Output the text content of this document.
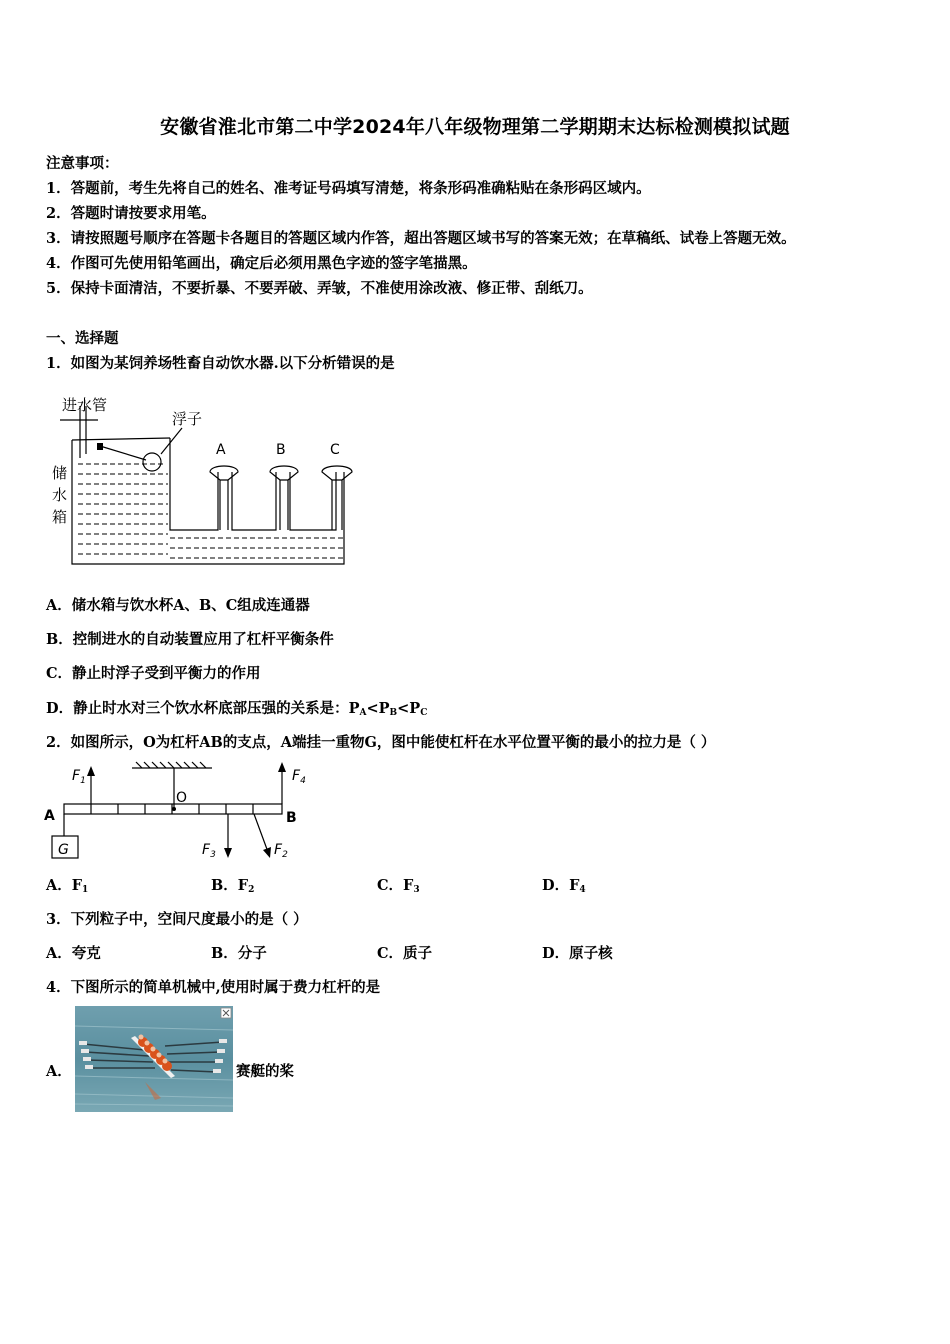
安徽省淮北市第二中学2024年八年级物理第二学期期末达标检测模拟试题
注意事项：
1．答题前，考生先将自己的姓名、准考证号码填写清楚，将条形码准确粘贴在条形码区域内。
2．答题时请按要求用笔。
3．请按照题号顺序在答题卡各题目的答题区域内作答，超出答题区域书写的答案无效；在草稿纸、试卷上答题无效。
4．作图可先使用铅笔画出，确定后必须用黑色字迹的签字笔描黑。
5．保持卡面清洁，不要折暴、不要弄破、弄皱，不准使用涂改液、修正带、刮纸刀。
一、选择题
1．如图为某饲养场牲畜自动饮水器.以下分析错误的是
进水管
浮子
储
水
箱
A	B	C
A．储水箱与饮水杯A、B、C组成连通器
B．控制进水的自动装置应用了杠杆平衡条件
C．静止时浮子受到平衡力的作用
D．静止时水对三个饮水杯底部压强的关系是：$P_A<P_B<P_C$
2．如图所示，O为杠杆AB的支点，A端挂一重物G，图中能使杠杆在水平位置平衡的最小的拉力是（ ）
A	B
O
G
$F_1$	$F_4$
$F_3$	$F_2$
A．$F_1$	B．$F_2$	C．$F_3$	D．$F_4$
3．下列粒子中，空间尺度最小的是（ ）
A．夸克	B．分子	C．质子	D．原子核
4．下图所示的简单机械中,使用时属于费力杠杆的是
A．	赛艇的桨
